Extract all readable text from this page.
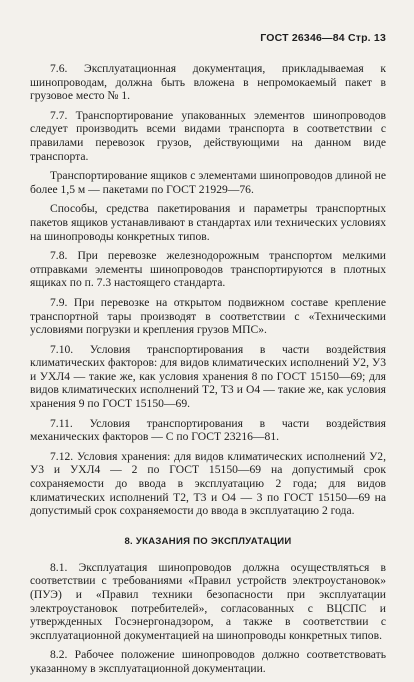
ГОСТ 26346—84 Стр. 13

7.6. Эксплуатационная документация, прикладываемая к шинопроводам, должна быть вложена в непромокаемый пакет в грузовое место № 1.

7.7. Транспортирование упакованных элементов шинопроводов следует производить всеми видами транспорта в соответствии с правилами перевозок грузов, действующими на данном виде транспорта.

Транспортирование ящиков с элементами шинопроводов длиной не более 1,5 м — пакетами по ГОСТ 21929—76.

Способы, средства пакетирования и параметры транспортных пакетов ящиков устанавливают в стандартах или технических условиях на шинопроводы конкретных типов.

7.8. При перевозке железнодорожным транспортом мелкими отправками элементы шинопроводов транспортируются в плотных ящиках по п. 7.3 настоящего стандарта.

7.9. При перевозке на открытом подвижном составе крепление транспортной тары производят в соответствии с «Техническими условиями погрузки и крепления грузов МПС».

7.10. Условия транспортирования в части воздействия климатических факторов: для видов климатических исполнений У2, У3 и УХЛ4 — такие же, как условия хранения 8 по ГОСТ 15150—69; для видов климатических исполнений Т2, Т3 и О4 — такие же, как условия хранения 9 по ГОСТ 15150—69.

7.11. Условия транспортирования в части воздействия механических факторов — С по ГОСТ 23216—81.

7.12. Условия хранения: для видов климатических исполнений У2, У3 и УХЛ4 — 2 по ГОСТ 15150—69 на допустимый срок сохраняемости до ввода в эксплуатацию 2 года; для видов климатических исполнений Т2, Т3 и О4 — 3 по ГОСТ 15150—69 на допустимый срок сохраняемости до ввода в эксплуатацию 2 года.

8. УКАЗАНИЯ ПО ЭКСПЛУАТАЦИИ

8.1. Эксплуатация шинопроводов должна осуществляться в соответствии с требованиями «Правил устройств электроустановок» (ПУЭ) и «Правил техники безопасности при эксплуатации электроустановок потребителей», согласованных с ВЦСПС и утвержденных Госэнергонадзором, а также в соответствии с эксплуатационной документацией на шинопроводы конкретных типов.

8.2. Рабочее положение шинопроводов должно соответствовать указанному в эксплуатационной документации.
